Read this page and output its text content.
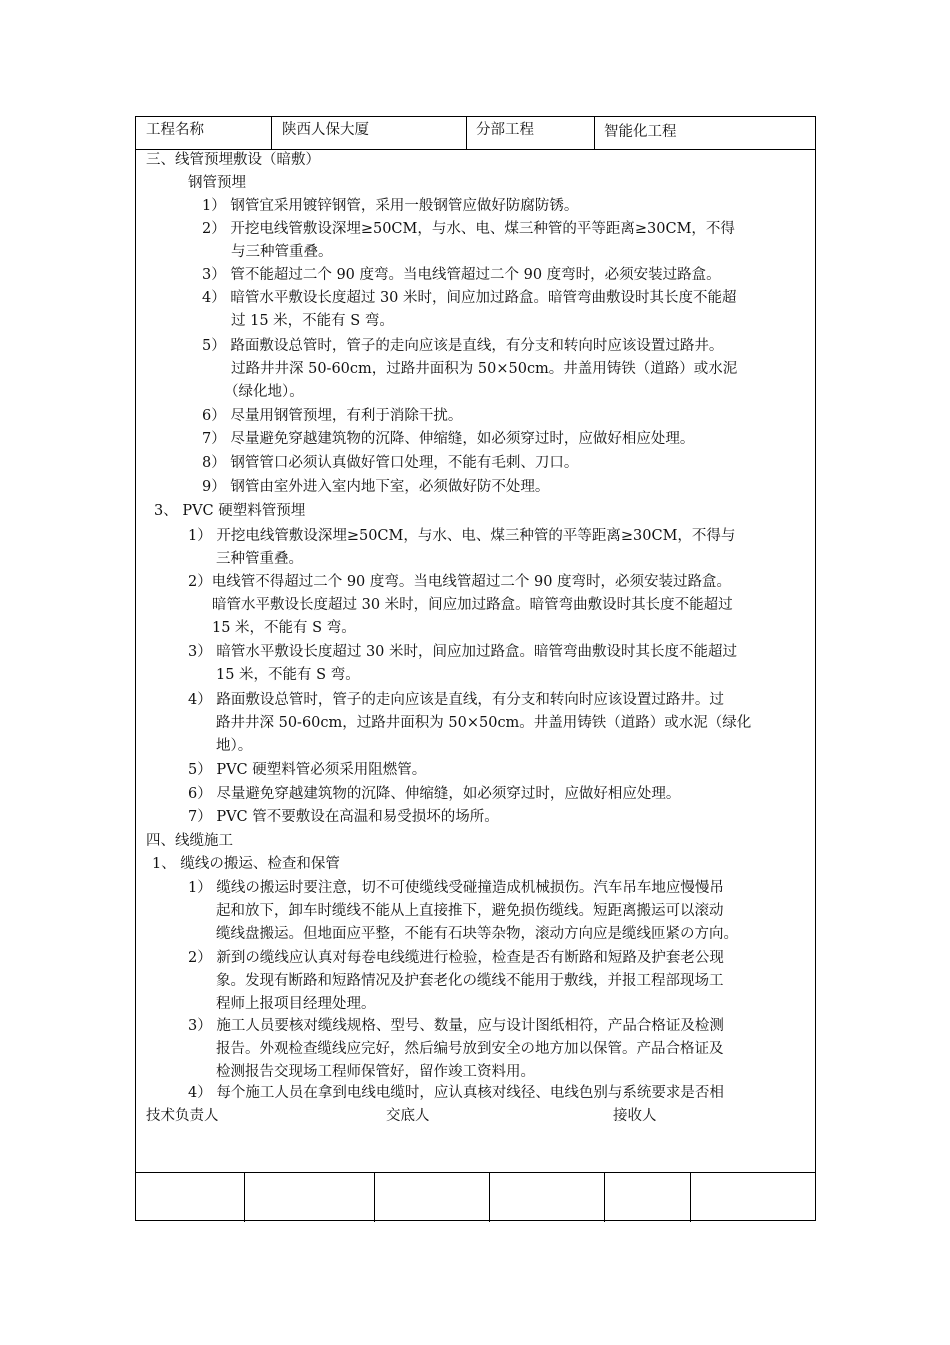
工程名称	陕西人保大厦	分部工程	智能化工程
三、线管预埋敷设（暗敷）
钢管预埋
1） 钢管宜采用镀锌钢管，采用一般钢管应做好防腐防锈。
2） 开挖电线管敷设深埋≥50CM，与水、电、煤三种管的平等距离≥30CM，不得
与三种管重叠。
3） 管不能超过二个 90 度弯。当电线管超过二个 90 度弯时，必须安装过路盒。
4） 暗管水平敷设长度超过 30 米时，间应加过路盒。暗管弯曲敷设时其长度不能超
过 15 米，不能有 S 弯。
5） 路面敷设总管时，管子的走向应该是直线，有分支和转向时应该设置过路井。
过路井井深 50-60cm，过路井面积为 50×50cm。井盖用铸铁（道路）或水泥
（绿化地）。
6） 尽量用钢管预埋，有利于消除干扰。
7） 尽量避免穿越建筑物的沉降、伸缩缝，如必须穿过时，应做好相应处理。
8） 钢管管口必须认真做好管口处理，不能有毛刺、刀口。
9） 钢管由室外进入室内地下室，必须做好防不处理。
3、 PVC 硬塑料管预埋
1） 开挖电线管敷设深埋≥50CM，与水、电、煤三种管的平等距离≥30CM，不得与
三种管重叠。
2）电线管不得超过二个 90 度弯。当电线管超过二个 90 度弯时，必须安装过路盒。
暗管水平敷设长度超过 30 米时，间应加过路盒。暗管弯曲敷设时其长度不能超过
15 米，不能有 S 弯。
3） 暗管水平敷设长度超过 30 米时，间应加过路盒。暗管弯曲敷设时其长度不能超过
15 米，不能有 S 弯。
4） 路面敷设总管时，管子的走向应该是直线，有分支和转向时应该设置过路井。过
路井井深 50-60cm，过路井面积为 50×50cm。井盖用铸铁（道路）或水泥（绿化
地）。
5） PVC 硬塑料管必须采用阻燃管。
6） 尽量避免穿越建筑物的沉降、伸缩缝，如必须穿过时，应做好相应处理。
7） PVC 管不要敷设在高温和易受损坏的场所。
四、线缆施工
1、 缆线の搬运、检查和保管
1） 缆线の搬运时要注意，切不可使缆线受碰撞造成机械损伤。汽车吊车地应慢慢吊
起和放下，卸车时缆线不能从上直接推下，避免损伤缆线。短距离搬运可以滚动
缆线盘搬运。但地面应平整，不能有石块等杂物，滚动方向应是缆线匝紧の方向。
2） 新到の缆线应认真对每卷电线缆进行检验，检查是否有断路和短路及护套老公现
象。发现有断路和短路情况及护套老化の缆线不能用于敷线，并报工程部现场工
程师上报项目经理处理。
3） 施工人员要核对缆线规格、型号、数量，应与设计图纸相符，产品合格证及检测
报告。外观检查缆线应完好，然后编号放到安全の地方加以保管。产品合格证及
检测报告交现场工程师保管好，留作竣工资料用。
4） 每个施工人员在拿到电线电缆时，应认真核对线径、电线色别与系统要求是否相
技术负责人	交底人	接收人
